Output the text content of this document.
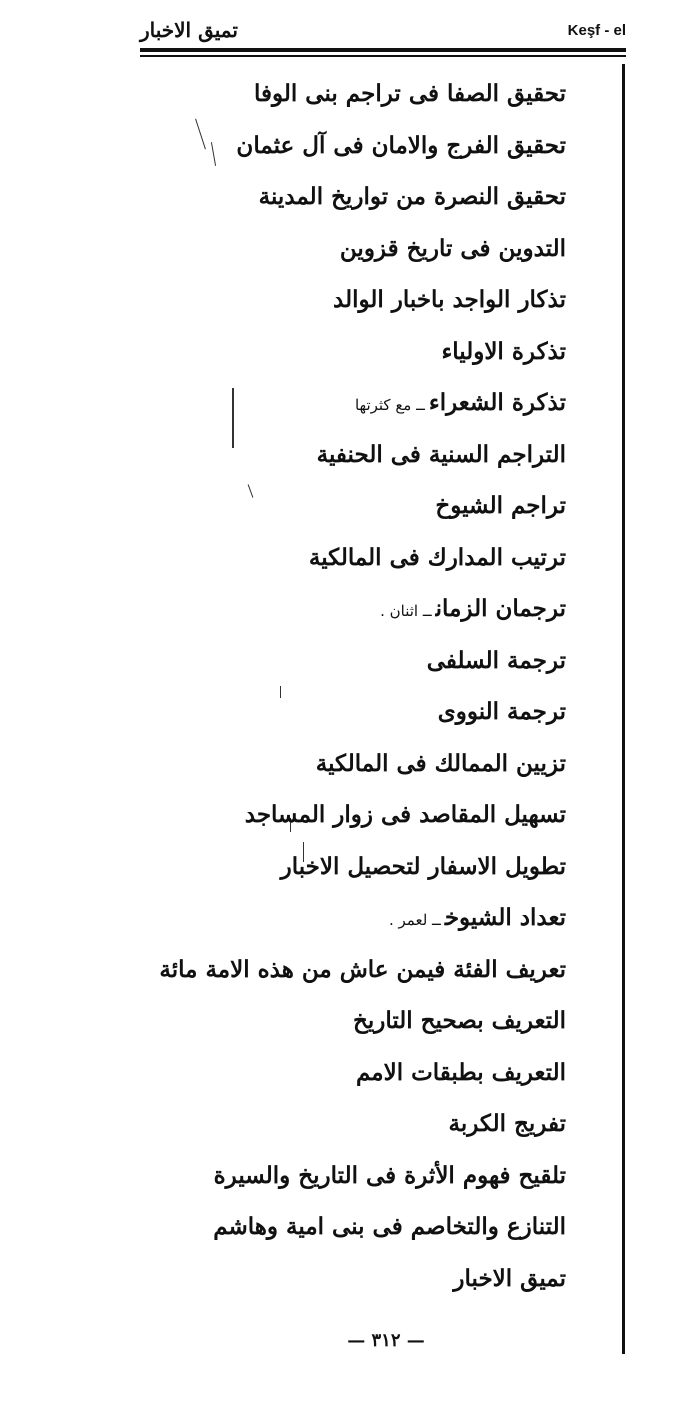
تميق الاخبار	Keşf - el
تحقيق الصفا فى تراجم بنى الوفا
تحقيق الفرج والامان فى آل عثمان
تحقيق النصرة من تواريخ المدينة
التدوين فى تاريخ قزوين
تذكار الواجد باخبار الوالد
تذكرة الاولياء
تذكرة الشعراءــ مع كثرتها
التراجم السنية فى الحنفية
تراجم الشيوخ
ترتيب المدارك فى المالكية
ترجمان الزمانــ اثنان .
ترجمة السلفى
ترجمة النووى
تزيين الممالك فى المالكية
تسهيل المقاصد فى زوار المساجد
تطويل الاسفار لتحصيل الاخبار
تعداد الشيوخــ لعمر .
تعريف الفئة فيمن عاش من هذه الامة مائة
التعريف بصحيح التاريخ
التعريف بطبقات الامم
تفريج الكربة
تلقيح فهوم الأثرة فى التاريخ والسيرة
التنازع والتخاصم فى بنى امية وهاشم
تميق الاخبار
— ٣١٢ —
